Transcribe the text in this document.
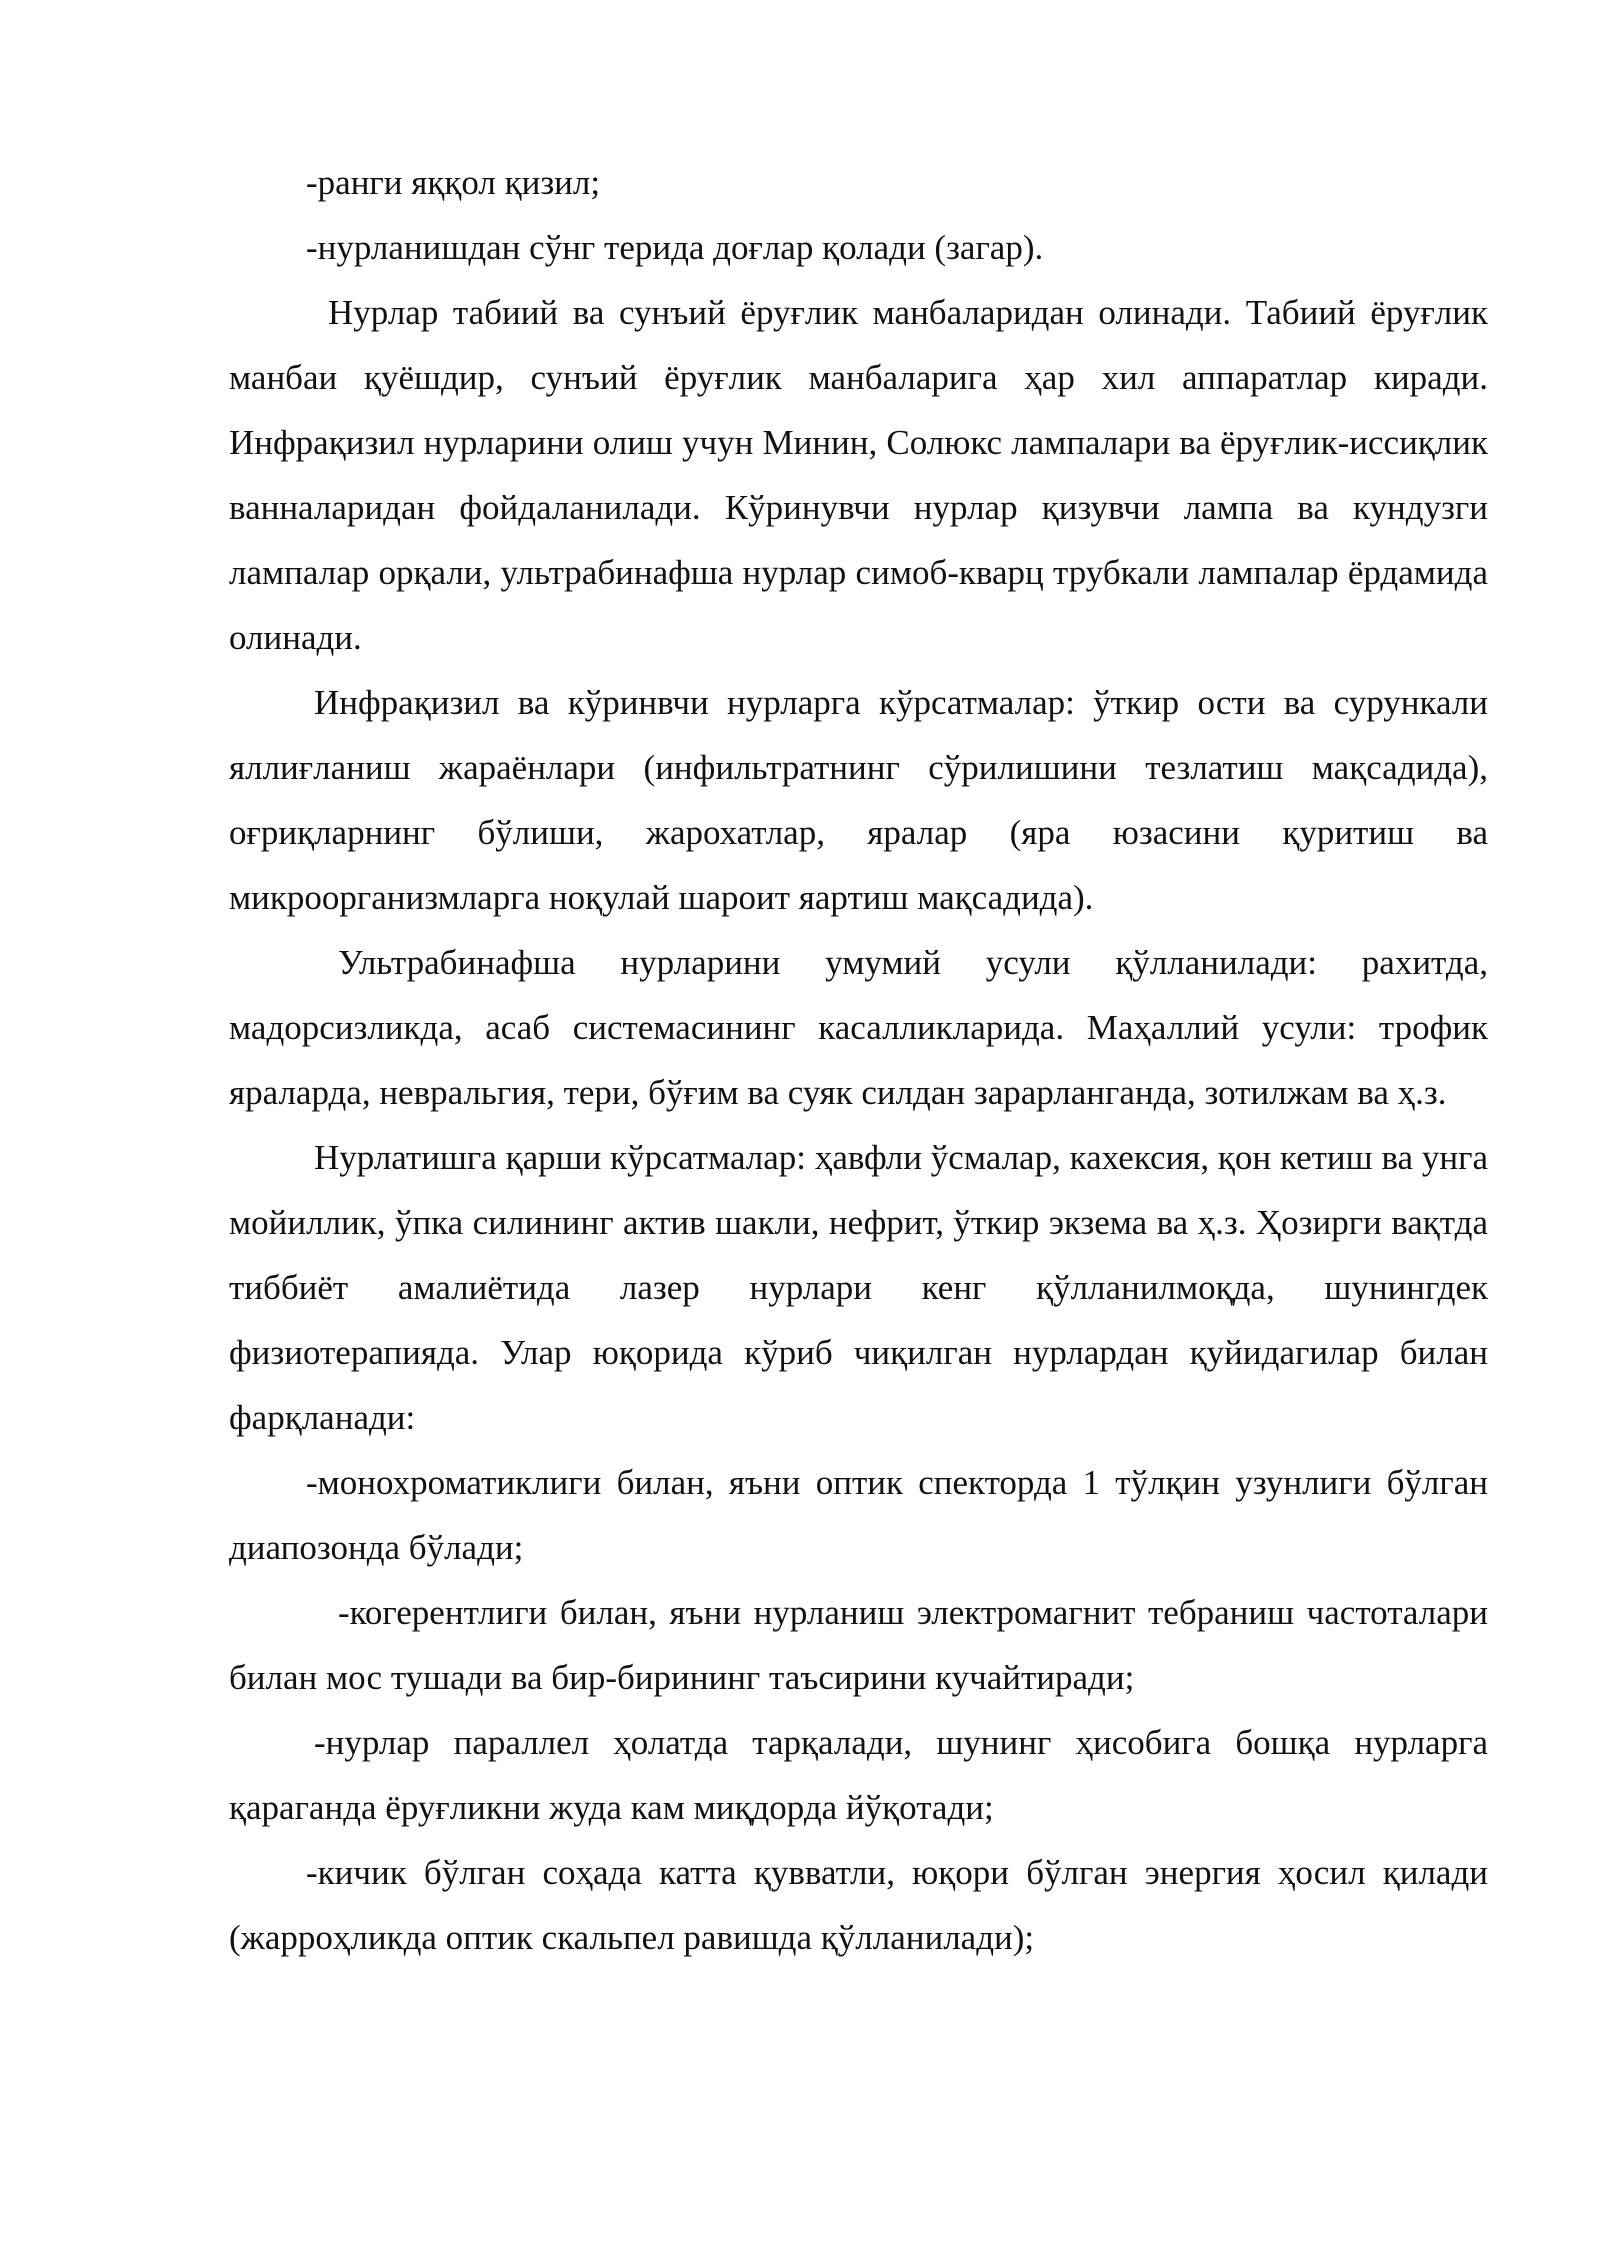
-ранги яққол қизил;

-нурланишдан сўнг терида доғлар қолади (загар).

Нурлар табиий ва сунъий ёруғлик манбаларидан олинади. Табиий ёруғлик манбаи қуёшдир, сунъий ёруғлик манбаларига ҳар хил аппаратлар киради. Инфрақизил нурларини олиш учун Минин, Солюкс лампалари ва ёруғлик-иссиқлик ванналаридан фойдаланилади. Кўринувчи нурлар қизувчи лампа ва кундузги лампалар орқали, ультрабинафша нурлар симоб-кварц трубкали лампалар ёрдамида олинади.

Инфрақизил ва кўринвчи нурларга кўрсатмалар: ўткир ости ва сурункали яллиғланиш жараёнлари (инфильтратнинг сўрилишини тезлатиш мақсадида), оғриқларнинг бўлиши, жарохатлар, яралар (яра юзасини қуритиш ва микроорганизмларга ноқулай шароит яартиш мақсадида).

Ультрабинафша нурларини умумий усули қўлланилади: рахитда, мадорсизликда, асаб системасининг касалликларида. Маҳаллий усули: трофик яраларда, невральгия, тери, бўғим ва суяк силдан зарарланганда, зотилжам ва ҳ.з.

Нурлатишга қарши кўрсатмалар: ҳавфли ўсмалар, кахексия, қон кетиш ва унга мойиллик, ўпка силининг актив шакли, нефрит, ўткир экзема ва ҳ.з. Ҳозирги вақтда тиббиёт амалиётида лазер нурлари кенг қўлланилмоқда, шунингдек физиотерапияда. Улар юқорида кўриб чиқилган нурлардан қуйидагилар билан фарқланади:

-монохроматиклиги билан, яъни оптик спекторда 1 тўлқин узунлиги бўлган диапозонда бўлади;

-когерентлиги билан, яъни нурланиш электромагнит тебраниш частоталари билан мос тушади ва бир-бирининг таъсирини кучайтиради;

-нурлар параллел ҳолатда тарқалади, шунинг ҳисобига бошқа нурларга қараганда ёруғликни жуда кам миқдорда йўқотади;

-кичик бўлган соҳада катта қувватли, юқори бўлган энергия ҳосил қилади (жарроҳликда оптик скальпел равишда қўлланилади);
